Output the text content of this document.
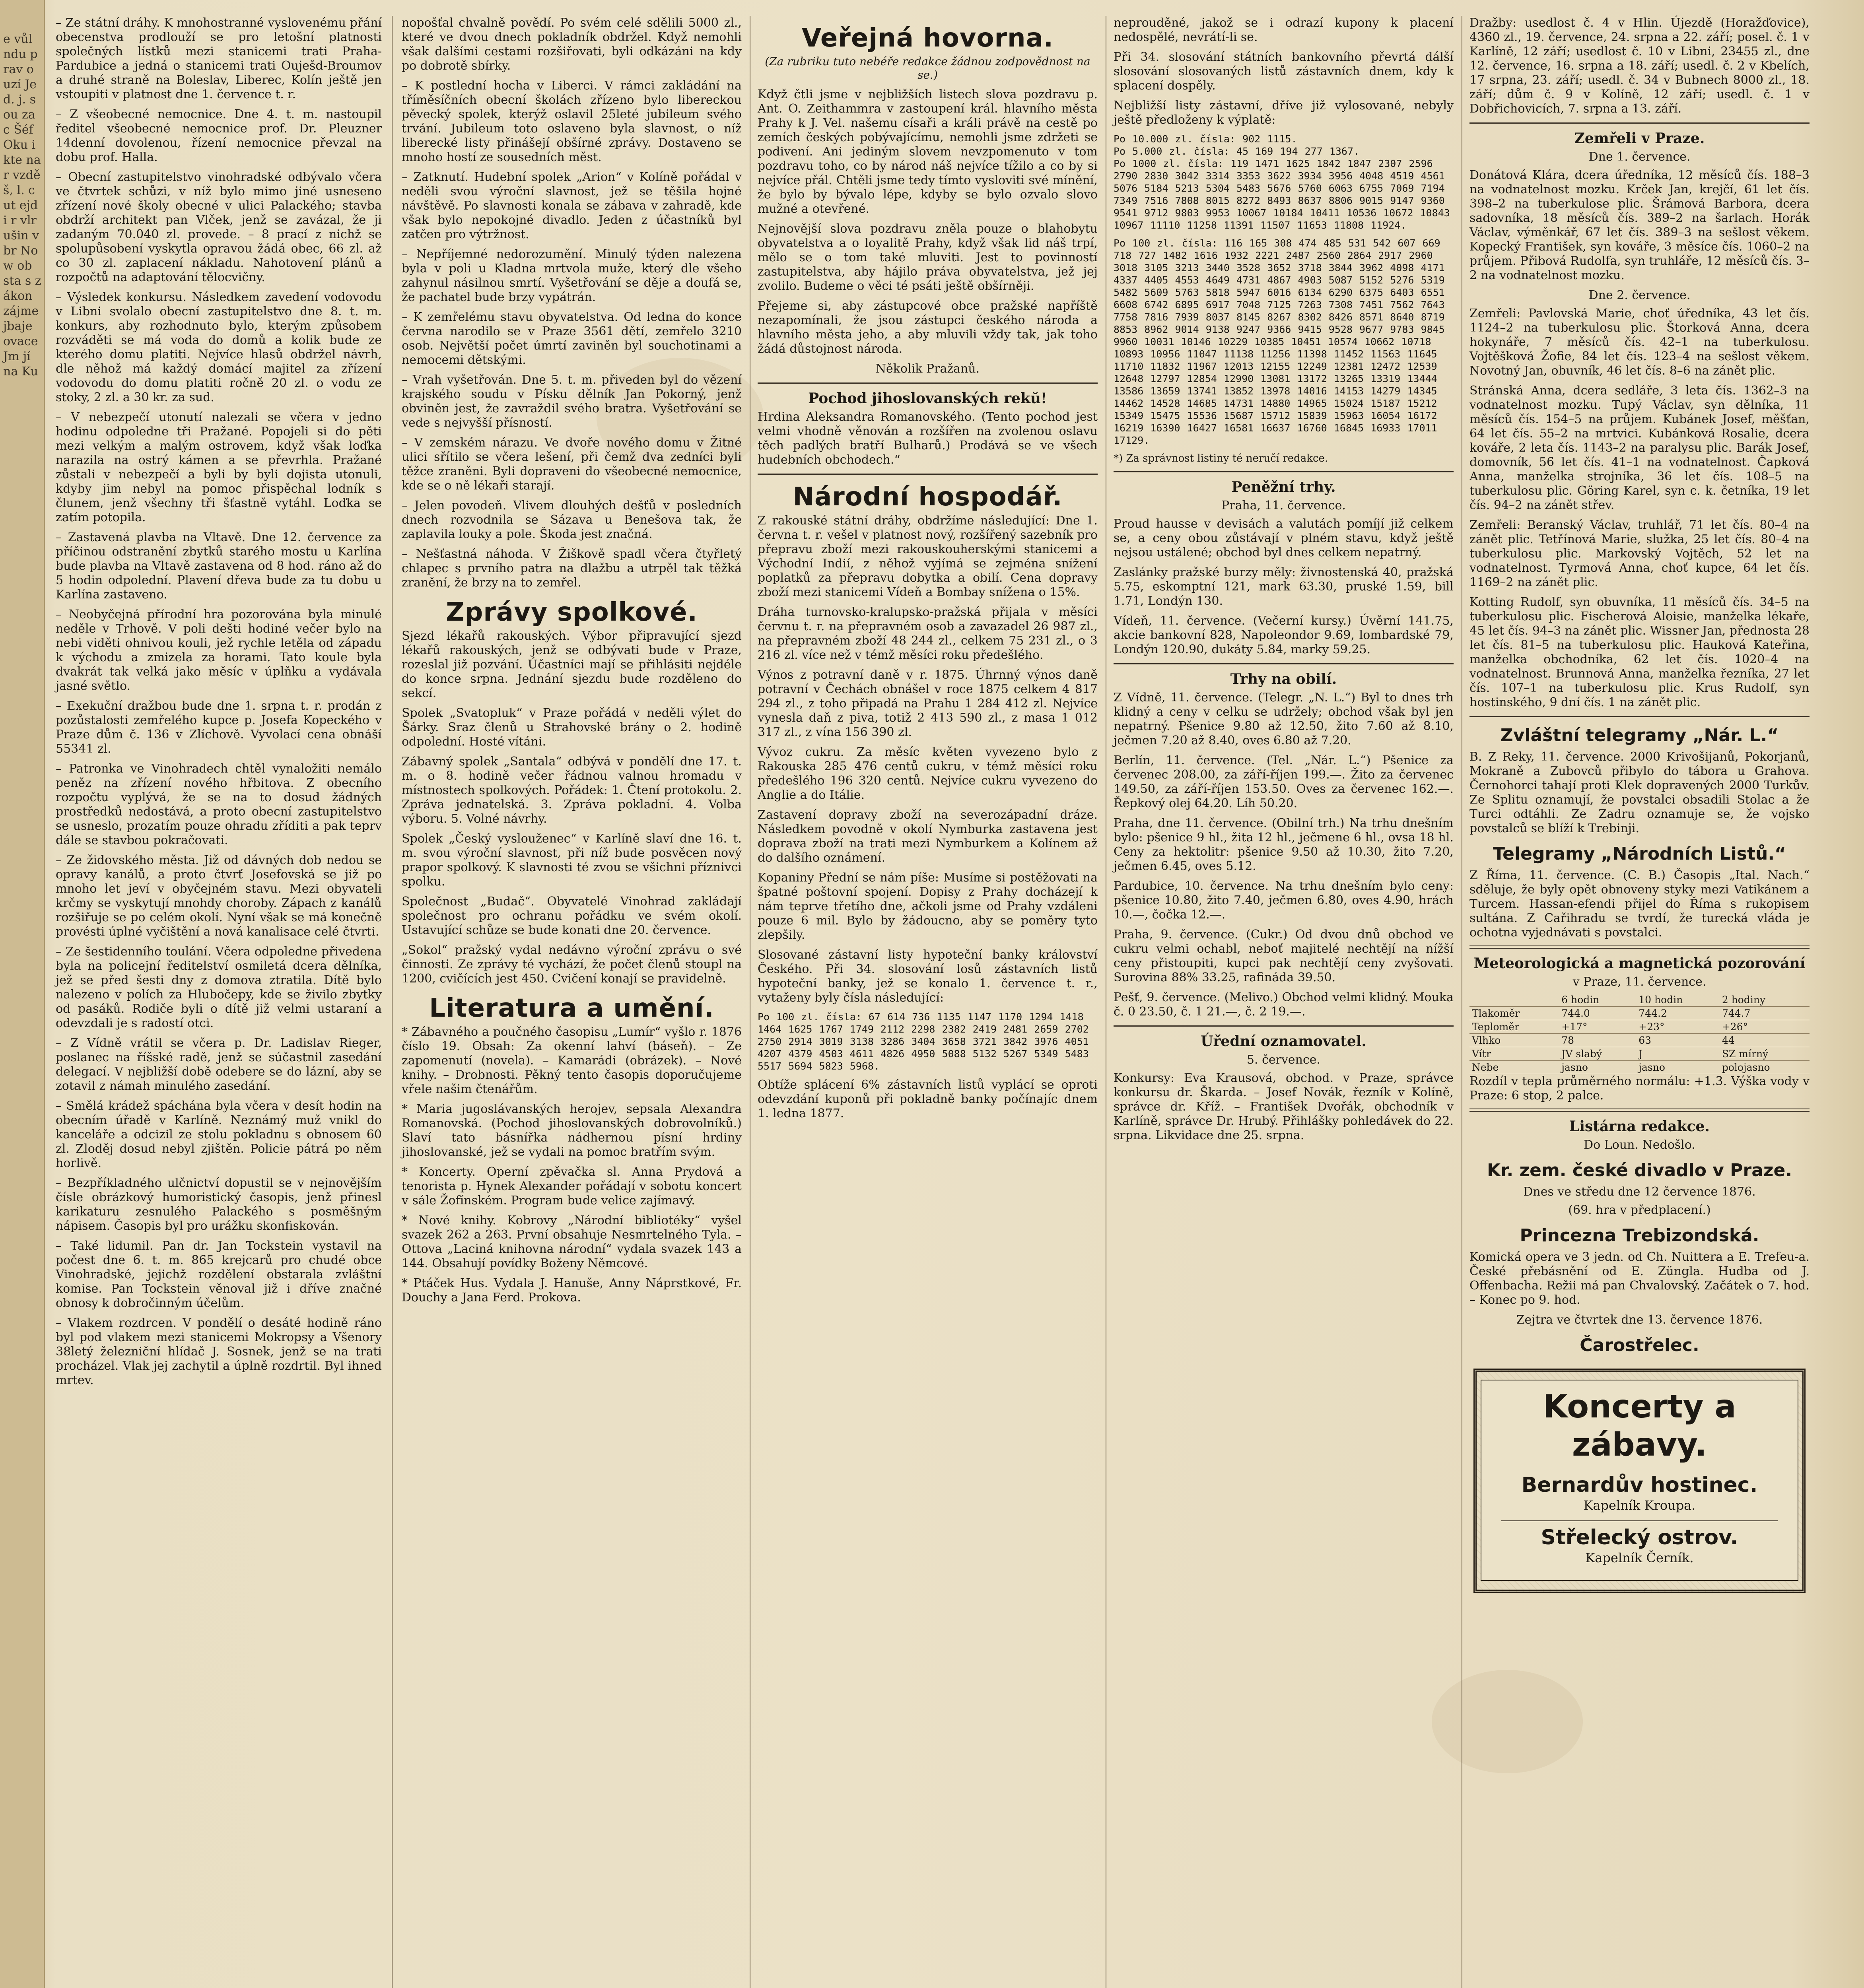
e vůl ndu prav ouzí Jed. j. sou za c Šéf Oku ikte nar vzdě š, l. cut ejdi r vlr ušin v br Now ob sta s zákon zájme jbaje ovace Jm jí na Ku

– Ze státní dráhy. K mnohostranné vyslovenému přání obecenstva prodlouží se pro letošní platnosti společných lístků mezi stanicemi trati Praha-Pardubice a jedná o stanicemi trati Ouješd-Broumov a druhé straně na Boleslav, Liberec, Kolín ještě jen vstoupiti v platnost dne 1. července t. r.

– Z všeobecné nemocnice. Dne 4. t. m. nastoupil ředitel všeobecné nemocnice prof. Dr. Pleuzner 14denní dovolenou, řízení nemocnice převzal na dobu prof. Halla.

– Obecní zastupitelstvo vinohradské odbývalo včera ve čtvrtek schůzi, v níž bylo mimo jiné usneseno zřízení nové školy obecné v ulici Palackého; stavba obdrží architekt pan Vlček, jenž se zavázal, že ji zadaným 70.040 zl. provede. – 8 prací z nichž se spolupůsobení vyskytla opravou žádá obec, 66 zl. až co 30 zl. zaplacení nákladu. Nahotovení plánů a rozpočtů na adaptování tělocvičny.

– Výsledek konkursu. Následkem zavedení vodovodu v Libni svolalo obecní zastupitelstvo dne 8. t. m. konkurs, aby rozhodnuto bylo, kterým způsobem rozváděti se má voda do domů a kolik bude ze kterého domu platiti. Nejvíce hlasů obdržel návrh, dle něhož má každý domácí majitel za zřízení vodovodu do domu platiti ročně 20 zl. o vodu ze stoky, 2 zl. a 30 kr. za sud.

– V nebezpečí utonutí nalezali se včera v jedno hodinu odpoledne tři Pražané. Popojeli si do pěti mezi velkým a malým ostrovem, když však loďka narazila na ostrý kámen a se převrhla. Pražané zůstali v nebezpečí a byli by byli dojista utonuli, kdyby jim nebyl na pomoc přispěchal lodník s člunem, jenž všechny tři šťastně vytáhl. Loďka se zatím potopila.

– Zastavená plavba na Vltavě. Dne 12. července za příčinou odstranění zbytků starého mostu u Karlína bude plavba na Vltavě zastavena od 8 hod. ráno až do 5 hodin odpolední. Plavení dřeva bude za tu dobu u Karlína zastaveno.

– Neobyčejná přírodní hra pozorována byla minulé neděle v Trhově. V poli dešti hodiné večer bylo na nebi viděti ohnivou kouli, jež rychle letěla od západu k východu a zmizela za horami. Tato koule byla dvakrát tak velká jako měsíc v úplňku a vydávala jasné světlo.

– Exekuční dražbou bude dne 1. srpna t. r. prodán z pozůstalosti zemřelého kupce p. Josefa Kopeckého v Praze dům č. 136 v Zlíchově. Vyvolací cena obnáší 55341 zl.

– Patronka ve Vinohradech chtěl vynaložiti nemálo peněz na zřízení nového hřbitova. Z obecního rozpočtu vyplývá, že se na to dosud žádných prostředků nedostává, a proto obecní zastupitelstvo se usneslo, prozatím pouze ohradu zříditi a pak teprv dále se stavbou pokračovati.

– Ze židovského města. Již od dávných dob nedou se opravy kanálů, a proto čtvrť Josefovská se již po mnoho let jeví v obyčejném stavu. Mezi obyvateli krčmy se vyskytují mnohdy choroby. Zápach z kanálů rozšiřuje se po celém okolí. Nyní však se má konečně provésti úplné vyčištění a nová kanalisace celé čtvrti.

– Ze šestidenního toulání. Včera odpoledne přivedena byla na policejní ředitelství osmiletá dcera dělníka, jež se před šesti dny z domova ztratila. Dítě bylo nalezeno v polích za Hlubočepy, kde se živilo zbytky od pasáků. Rodiče byli o dítě již velmi ustaraní a odevzdali je s radostí otci.

– Z Vídně vrátil se včera p. Dr. Ladislav Rieger, poslanec na říšské radě, jenž se súčastnil zasedání delegací. V nejbližší době odebere se do lázní, aby se zotavil z námah minulého zasedání.

– Smělá krádež spáchána byla včera v desít hodin na obecním úřadě v Karlíně. Neznámý muž vnikl do kanceláře a odcizil ze stolu pokladnu s obnosem 60 zl. Zloděj dosud nebyl zjištěn. Policie pátrá po něm horlivě.

– Bezpříkladného ulčnictví dopustil se v nejnovějším čísle obrázkový humoristický časopis, jenž přinesl karikaturu zesnulého Palackého s posměšným nápisem. Časopis byl pro urážku skonfiskován.

– Také lidumil. Pan dr. Jan Tockstein vystavil na počest dne 6. t. m. 865 krejcarů pro chudé obce Vinohradské, jejichž rozdělení obstarala zvláštní komise. Pan Tockstein věnoval již i dříve značné obnosy k dobročinným účelům.

– Vlakem rozdrcen. V pondělí o desáté hodině ráno byl pod vlakem mezi stanicemi Mokropsy a Všenory 38letý železniční hlídač J. Sosnek, jenž se na trati procházel. Vlak jej zachytil a úplně rozdrtil. Byl ihned mrtev.

nopošťal chvalně povědí. Po svém celé sdělili 5000 zl., které ve dvou dnech pokladník obdržel. Když nemohli však dalšími cestami rozšiřovati, byli odkázáni na kdy po dobrotě sbírky.

– K postlední hocha v Liberci. V rámci zakládání na tříměsíčních obecní školách zřízeno bylo libereckou pěvecký spolek, kterýž oslavil 25leté jubileum svého trvání. Jubileum toto oslaveno byla slavnost, o níž liberecké listy přinášejí obšírné zprávy. Dostaveno se mnoho hostí ze sousedních měst.

– Zatknutí. Hudební spolek „Arion“ v Kolíně pořádal v neděli svou výroční slavnost, jež se těšila hojné návštěvě. Po slavnosti konala se zábava v zahradě, kde však bylo nepokojné divadlo. Jeden z účastníků byl zatčen pro výtržnost.

– Nepříjemné nedorozumění. Minulý týden nalezena byla v poli u Kladna mrtvola muže, který dle všeho zahynul násilnou smrtí. Vyšetřování se děje a doufá se, že pachatel bude brzy vypátrán.

– K zemřelému stavu obyvatelstva. Od ledna do konce června narodilo se v Praze 3561 dětí, zemřelo 3210 osob. Největší počet úmrtí zaviněn byl souchotinami a nemocemi dětskými.

– Vrah vyšetřován. Dne 5. t. m. přiveden byl do vězení krajského soudu v Písku dělník Jan Pokorný, jenž obviněn jest, že zavraždil svého bratra. Vyšetřování se vede s nejvyšší přísností.

– V zemském nárazu. Ve dvoře nového domu v Žitné ulici sřítilo se včera lešení, při čemž dva zedníci byli těžce zraněni. Byli dopraveni do všeobecné nemocnice, kde se o ně lékaři starají.

– Jelen povodeň. Vlivem dlouhých dešťů v posledních dnech rozvodnila se Sázava u Benešova tak, že zaplavila louky a pole. Škoda jest značná.

– Nešťastná náhoda. V Žiškově spadl včera čtyřletý chlapec s prvního patra na dlažbu a utrpěl tak těžká zranění, že brzy na to zemřel.

Zprávy spolkové.

Sjezd lékařů rakouských. Výbor připravující sjezd lékařů rakouských, jenž se odbývati bude v Praze, rozeslal již pozvání. Účastníci mají se přihlásiti nejdéle do konce srpna. Jednání sjezdu bude rozděleno do sekcí.

Spolek „Svatopluk“ v Praze pořádá v neděli výlet do Šárky. Sraz členů u Strahovské brány o 2. hodině odpolední. Hosté vítáni.

Zábavný spolek „Santala“ odbývá v pondělí dne 17. t. m. o 8. hodině večer řádnou valnou hromadu v místnostech spolkových. Pořádek: 1. Čtení protokolu. 2. Zpráva jednatelská. 3. Zpráva pokladní. 4. Volba výboru. 5. Volné návrhy.

Spolek „Český vyslouženec“ v Karlíně slaví dne 16. t. m. svou výroční slavnost, při níž bude posvěcen nový prapor spolkový. K slavnosti té zvou se všichni příznivci spolku.

Společnost „Budač“. Obyvatelé Vinohrad zakládají společnost pro ochranu pořádku ve svém okolí. Ustavující schůze se bude konati dne 20. července.

„Sokol“ pražský vydal nedávno výroční zprávu o své činnosti. Ze zprávy té vychází, že počet členů stoupl na 1200, cvičících jest 450. Cvičení konají se pravidelně.

Literatura a umění.

* Zábavného a poučného časopisu „Lumír“ vyšlo r. 1876 číslo 19. Obsah: Za okenní lahví (báseň). – Ze zapomenutí (novela). – Kamarádi (obrázek). – Nové knihy. – Drobnosti. Pěkný tento časopis doporučujeme vřele našim čtenářům.

* Maria jugoslávanských herojev, sepsala Alexandra Romanovská. (Pochod jihoslovanských dobrovolníků.) Slaví tato básnířka nádhernou písní hrdiny jihoslovanské, jež se vydali na pomoc bratřím svým.

* Koncerty. Operní zpěvačka sl. Anna Prydová a tenorista p. Hynek Alexander pořádají v sobotu koncert v sále Žofínském. Program bude velice zajímavý.

* Nové knihy. Kobrovy „Národní bibliotéky“ vyšel svazek 262 a 263. První obsahuje Nesmrtelného Tyla. – Ottova „Laciná knihovna národní“ vydala svazek 143 a 144. Obsahují povídky Boženy Němcové.

* Ptáček Hus. Vydala J. Hanuše, Anny Náprstkové, Fr. Douchy a Jana Ferd. Prokova.

Veřejná hovorna.
(Za rubriku tuto nebéře redakce žádnou zodpovědnost na se.)

Když čtli jsme v nejbližších listech slova pozdravu p. Ant. O. Zeithammra v zastoupení král. hlavního města Prahy k J. Vel. našemu císaři a králi právě na cestě po zemích českých pobývajícímu, nemohli jsme zdržeti se podivení. Ani jediným slovem nevzpomenuto v tom pozdravu toho, co by národ náš nejvíce tížilo a co by si nejvíce přál. Chtěli jsme tedy tímto vysloviti své mínění, že bylo by bývalo lépe, kdyby se bylo ozvalo slovo mužné a otevřené.

Nejnovější slova pozdravu zněla pouze o blahobytu obyvatelstva a o loyalitě Prahy, když však lid náš trpí, mělo se o tom také mluviti. Jest to povinností zastupitelstva, aby hájilo práva obyvatelstva, jež jej zvolilo. Budeme o věci té psáti ještě obšírněji.

Přejeme si, aby zástupcové obce pražské napříště nezapomínali, že jsou zástupci českého národa a hlavního města jeho, a aby mluvili vždy tak, jak toho žádá důstojnost národa.

Několik Pražanů.
Pochod jihoslovanských rekŭ!

Hrdina Aleksandra Romanovského. (Tento pochod jest velmi vhodně věnován a rozšířen na zvolenou oslavu těch padlých bratří Bulharů.) Prodává se ve všech hudebních obchodech.“

Národní hospodář.

Z rakouské státní dráhy, obdržíme následující: Dne 1. června t. r. vešel v platnost nový, rozšířený sazebník pro přepravu zboží mezi rakouskouherskými stanicemi a Východní Indií, z něhož vyjímá se zejména snížení poplatků za přepravu dobytka a obilí. Cena dopravy zboží mezi stanicemi Vídeň a Bombay snížena o 15%.

Dráha turnovsko-kralupsko-pražská přijala v měsíci červnu t. r. na přepravném osob a zavazadel 26 987 zl., na přepravném zboží 48 244 zl., celkem 75 231 zl., o 3 216 zl. více než v témž měsíci roku předešlého.

Výnos z potravní daně v r. 1875. Úhrnný výnos daně potravní v Čechách obnášel v roce 1875 celkem 4 817 294 zl., z toho připadá na Prahu 1 284 412 zl. Nejvíce vynesla daň z piva, totiž 2 413 590 zl., z masa 1 012 317 zl., z vína 156 390 zl.

Vývoz cukru. Za měsíc květen vyvezeno bylo z Rakouska 285 476 centů cukru, v témž měsíci roku předešlého 196 320 centů. Nejvíce cukru vyvezeno do Anglie a do Itálie.

Zastavení dopravy zboží na severozápadní dráze. Následkem povodně v okolí Nymburka zastavena jest doprava zboží na trati mezi Nymburkem a Kolínem až do dalšího oznámení.

Kopaniny Přední se nám píše: Musíme si postěžovati na špatné poštovní spojení. Dopisy z Prahy docházejí k nám teprve třetího dne, ačkoli jsme od Prahy vzdáleni pouze 6 mil. Bylo by žádoucno, aby se poměry tyto zlepšily.

Slosované zástavní listy hypoteční banky království Českého. Při 34. slosování losů zástavních listů hypoteční banky, jež se konalo 1. července t. r., vytaženy byly čísla následující:

Po 100 zl. čísla: 67 614 736 1135 1147 1170 1294 1418 1464 1625 1767 1749 2112 2298 2382 2419 2481 2659 2702 2750 2914 3019 3138 3286 3404 3658 3721 3842 3976 4051 4207 4379 4503 4611 4826 4950 5088 5132 5267 5349 5483 5517 5694 5823 5968.

Obtíže splácení 6% zástavních listů vyplácí se oproti odevzdání kuponů při pokladně banky počínajíc dnem 1. ledna 1877.

neprouděné, jakož se i odrazí kupony k placení nedospělé, nevrátí-li se.

Při 34. slosování státních bankovního převrtá dálší slosování slosovaných listů zástavních dnem, kdy k splacení dospěly.

Nejbližší listy zástavní, dříve již vylosované, nebyly ještě předloženy k výplatě:

Po 10.000 zl. čísla: 902 1115.
Po 5.000 zl. čísla: 45 169 194 277 1367.
Po 1000 zl. čísla: 119 1471 1625 1842 1847 2307 2596 2790 2830 3042 3314 3353 3622 3934 3956 4048 4519 4561 5076 5184 5213 5304 5483 5676 5760 6063 6755 7069 7194 7349 7516 7808 8015 8272 8493 8637 8806 9015 9147 9360 9541 9712 9803 9953 10067 10184 10411 10536 10672 10843 10967 11110 11258 11391 11507 11653 11808 11924.

Po 100 zl. čísla: 116 165 308 474 485 531 542 607 669 718 727 1482 1616 1932 2221 2487 2560 2864 2917 2960 3018 3105 3213 3440 3528 3652 3718 3844 3962 4098 4171 4337 4405 4553 4649 4731 4867 4903 5087 5152 5276 5319 5482 5609 5763 5818 5947 6016 6134 6290 6375 6403 6551 6608 6742 6895 6917 7048 7125 7263 7308 7451 7562 7643 7758 7816 7939 8037 8145 8267 8302 8426 8571 8640 8719 8853 8962 9014 9138 9247 9366 9415 9528 9677 9783 9845 9960 10031 10146 10229 10385 10451 10574 10662 10718 10893 10956 11047 11138 11256 11398 11452 11563 11645 11710 11832 11967 12013 12155 12249 12381 12472 12539 12648 12797 12854 12990 13081 13172 13265 13319 13444 13586 13659 13741 13852 13978 14016 14153 14279 14345 14462 14528 14685 14731 14880 14965 15024 15187 15212 15349 15475 15536 15687 15712 15839 15963 16054 16172 16219 16390 16427 16581 16637 16760 16845 16933 17011 17129.

*) Za správnost listiny té neručí redakce.

Peněžní trhy.
Praha, 11. července.

Proud hausse v devisách a valutách pomíjí již celkem se, a ceny obou zůstávají v plném stavu, když ještě nejsou ustálené; obchod byl dnes celkem nepatrný.

Zaslánky pražské burzy měly: živnostenská 40, pražská 5.75, eskomptní 121, mark 63.30, pruské 1.59, bill 1.71, Londýn 130.

Vídeň, 11. července. (Večerní kursy.) Úvěrní 141.75, akcie bankovní 828, Napoleondor 9.69, lombardské 79, Londýn 120.90, dukáty 5.84, marky 59.25.

Trhy na obilí.

Z Vídně, 11. července. (Telegr. „N. L.“) Byl to dnes trh klidný a ceny v celku se udržely; obchod však byl jen nepatrný. Pšenice 9.80 až 12.50, žito 7.60 až 8.10, ječmen 7.20 až 8.40, oves 6.80 až 7.20.

Berlín, 11. července. (Tel. „Nár. L.“) Pšenice za červenec 208.00, za září-říjen 199.—. Žito za červenec 149.50, za září-říjen 153.50. Oves za červenec 162.—. Řepkový olej 64.20. Líh 50.20.

Praha, dne 11. července. (Obilní trh.) Na trhu dnešním bylo: pšenice 9 hl., žita 12 hl., ječmene 6 hl., ovsa 18 hl. Ceny za hektolitr: pšenice 9.50 až 10.30, žito 7.20, ječmen 6.45, oves 5.12.

Pardubice, 10. července. Na trhu dnešním bylo ceny: pšenice 10.80, žito 7.40, ječmen 6.80, oves 4.90, hrách 10.—, čočka 12.—.

Praha, 9. července. (Cukr.) Od dvou dnů obchod ve cukru velmi ochabl, neboť majitelé nechtějí na nížší ceny přistoupiti, kupci pak nechtějí ceny zvyšovati. Surovina 88% 33.25, rafináda 39.50.

Pešť, 9. července. (Melivo.) Obchod velmi klidný. Mouka č. 0 23.50, č. 1 21.—, č. 2 19.—.

Úřední oznamovatel.
5. července.

Konkursy: Eva Krausová, obchod. v Praze, správce konkursu dr. Škarda. – Josef Novák, řezník v Kolíně, správce dr. Kříž. – František Dvořák, obchodník v Karlíně, správce Dr. Hrubý. Přihlášky pohledávek do 22. srpna. Likvidace dne 25. srpna.

Dražby: usedlost č. 4 v Hlin. Újezdě (Horažďovice), 4360 zl., 19. července, 24. srpna a 22. září; posel. č. 1 v Karlíně, 12 září; usedlost č. 10 v Libni, 23455 zl., dne 12. července, 16. srpna a 18. září; usedl. č. 2 v Kbelích, 17 srpna, 23. září; usedl. č. 34 v Bubnech 8000 zl., 18. září; dům č. 9 v Kolíně, 12 září; usedl. č. 1 v Dobřichovicích, 7. srpna a 13. září.

Zemřeli v Praze.
Dne 1. července.

Donátová Klára, dcera úředníka, 12 měsíců čís. 188–3 na vodnatelnost mozku. Krček Jan, krejčí, 61 let čís. 398–2 na tuberkulose plic. Šrámová Barbora, dcera sadovníka, 18 měsíců čís. 389–2 na šarlach. Horák Václav, výměnkář, 67 let čís. 389–3 na sešlost věkem. Kopecký František, syn kováře, 3 měsíce čís. 1060–2 na průjem. Přibová Rudolfa, syn truhláře, 12 měsíců čís. 3–2 na vodnatelnost mozku.

Dne 2. července.

Zemřeli: Pavlovská Marie, choť úředníka, 43 let čís. 1124–2 na tuberkulosu plic. Štorková Anna, dcera hokynáře, 7 měsíců čís. 42–1 na tuberkulosu. Vojtěšková Žofie, 84 let čís. 123–4 na sešlost věkem. Novotný Jan, obuvník, 46 let čís. 8–6 na zánět plic.

Stránská Anna, dcera sedláře, 3 leta čís. 1362–3 na vodnatelnost mozku. Tupý Václav, syn dělníka, 11 měsíců čís. 154–5 na průjem. Kubánek Josef, měšťan, 64 let čís. 55–2 na mrtvici. Kubánková Rosalie, dcera kováře, 2 leta čís. 1143–2 na paralysu plic. Barák Josef, domovník, 56 let čís. 41–1 na vodnatelnost. Čapková Anna, manželka strojníka, 36 let čís. 108–5 na tuberkulosu plic. Göring Karel, syn c. k. četníka, 19 let čís. 94–2 na zánět střev.

Zemřeli: Beranský Václav, truhlář, 71 let čís. 80–4 na zánět plic. Tetřínová Marie, služka, 25 let čís. 80–4 na tuberkulosu plic. Markovský Vojtěch, 52 let na vodnatelnost. Tyrmová Anna, choť kupce, 64 let čís. 1169–2 na zánět plic.

Kotting Rudolf, syn obuvníka, 11 měsíců čís. 34–5 na tuberkulosu plic. Fischerová Aloisie, manželka lékaře, 45 let čís. 94–3 na zánět plic. Wissner Jan, přednosta 28 let čís. 81–5 na tuberkulosu plic. Hauková Kateřina, manželka obchodníka, 62 let čís. 1020–4 na vodnatelnost. Brunnová Anna, manželka řezníka, 27 let čís. 107–1 na tuberkulosu plic. Krus Rudolf, syn hostinského, 9 dní čís. 1 na zánět plic.

Zvláštní telegramy „Nár. L.“

B. Z Reky, 11. července. 2000 Krivošijanů, Pokorjanů, Mokraně a Zubovců přibylo do tábora u Grahova. Černohorci tahají proti Klek dopravených 2000 Turkův. Ze Splitu oznamují, že povstalci obsadili Stolac a že Turci odtáhli. Ze Zadru oznamuje se, že vojsko povstalců se blíží k Trebinji.

Telegramy „Národních Listů.“

Z Říma, 11. července. (C. B.) Časopis „Ital. Nach.“ sděluje, že byly opět obnoveny styky mezi Vatikánem a Turcem. Hassan-efendi přijel do Říma s rukopisem sultána. Z Cařihradu se tvrdí, že turecká vláda je ochotna vyjednávati s povstalci.

Meteorologická a magnetická pozorování
v Praze, 11. července.
	6 hodin	10 hodin	2 hodiny
Tlakoměr	744.0	744.2	744.7
Teploměr	+17°	+23°	+26°
Vlhko	78	63	44
Vítr	JV slabý	J	SZ mírný
Nebe	jasno	jasno	polojasno

Rozdíl v tepla průměrného normálu: +1.3. Výška vody v Praze: 6 stop, 2 palce.

Listárna redakce.
Do Loun. Nedošlo.
Kr. zem. české divadlo v Praze.
Dnes ve středu dne 12 července 1876.
(69. hra v předplacení.)
Princezna Trebizondská.

Komická opera ve 3 jedn. od Ch. Nuittera a E. Trefeu-a. České přebásnění od E. Züngla. Hudba od J. Offenbacha. Režii má pan Chvalovský. Začátek o 7. hod. – Konec po 9. hod.

Zejtra ve čtvrtek dne 13. července 1876.
Čarostřelec.
Koncerty a zábavy.
Bernardův hostinec.
Kapelník Kroupa.
Střelecký ostrov.
Kapelník Černík.
